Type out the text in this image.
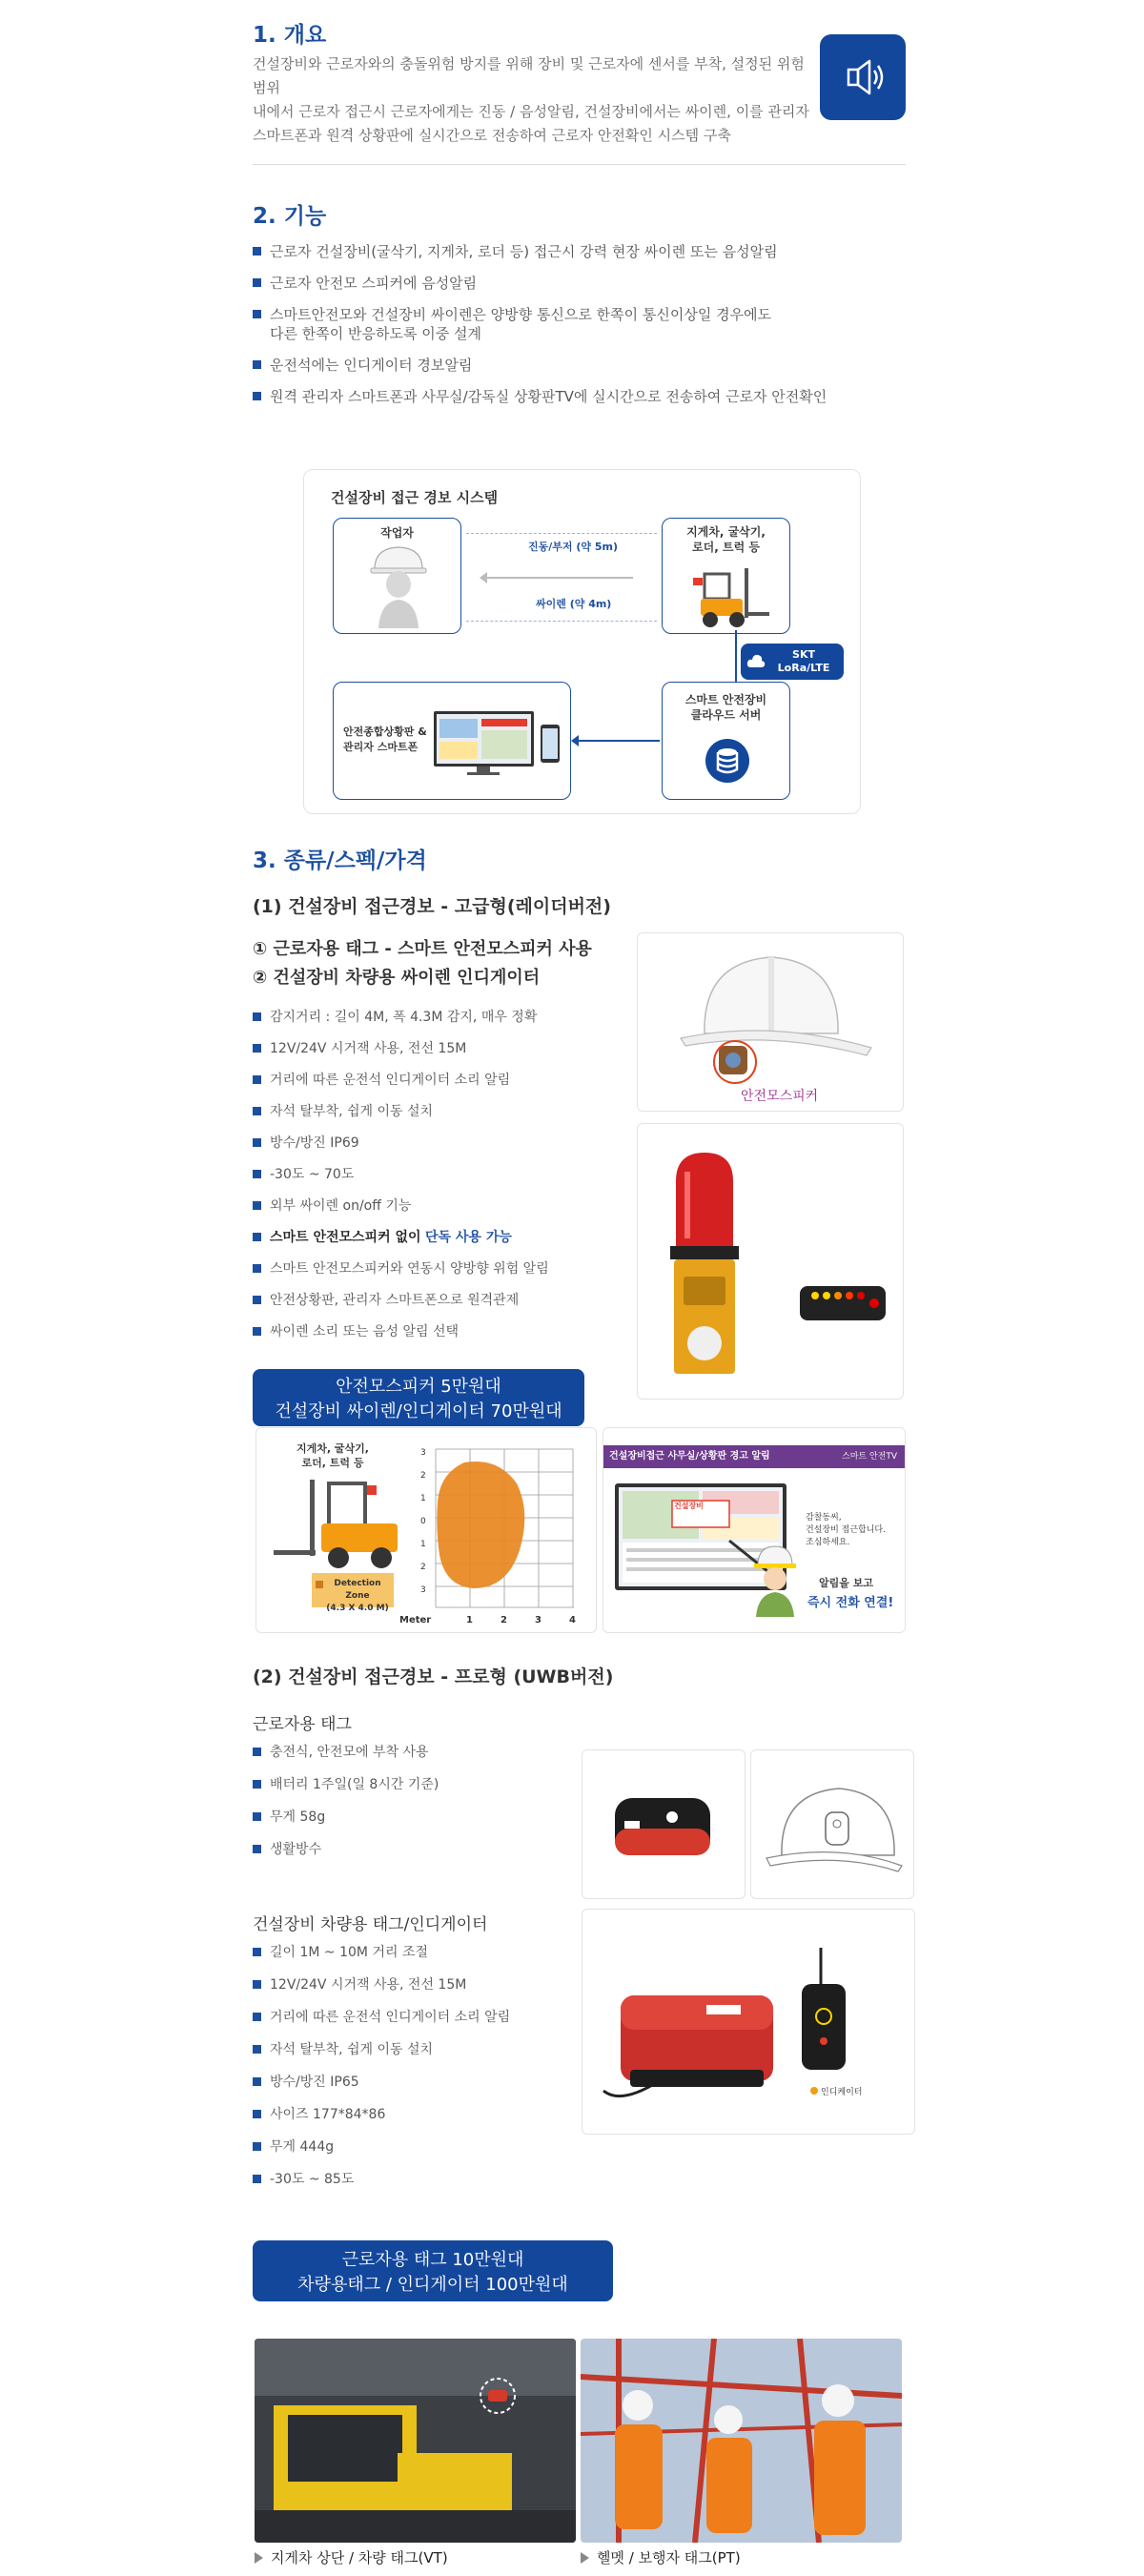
1. 개요
건설장비와 근로자와의 충돌위험 방지를 위해 장비 및 근로자에 센서를 부착, 설정된 위험범위
내에서 근로자 접근시 근로자에게는 진동 / 음성알림, 건설장비에서는 싸이렌, 이를 관리자
스마트폰과 원격 상황판에 실시간으로 전송하여 근로자 안전확인 시스템 구축
2. 기능
근로자 건설장비(굴삭기, 지게차, 로더 등) 접근시 강력 현장 싸이렌 또는 음성알림
근로자 안전모 스피커에 음성알림
스마트안전모와 건설장비 싸이렌은 양방향 통신으로 한쪽이 통신이상일 경우에도
다른 한쪽이 반응하도록 이중 설계
운전석에는 인디게이터 경보알림
원격 관리자 스마트폰과 사무실/감독실 상황판TV에 실시간으로 전송하여 근로자 안전확인
건설장비 접근 경보 시스템
작업자
진동/부저 (약 5m)
싸이렌 (약 4m)
지게차, 굴삭기,
로더, 트럭 등
SKT
LoRa/LTE
스마트 안전장비
클라우드 서버
안전종합상황판 &
관리자 스마트폰
3. 종류/스펙/가격
(1) 건설장비 접근경보 - 고급형(레이더버전)
① 근로자용 태그 - 스마트 안전모스피커 사용
② 건설장비 차량용 싸이렌 인디게이터
감지거리 : 길이 4M, 폭 4.3M 감지, 매우 정확
12V/24V 시거잭 사용, 전선 15M
거리에 따른 운전석 인디게이터 소리 알림
자석 탈부착, 쉽게 이동 설치
방수/방진 IP69
-30도 ~ 70도
외부 싸이렌 on/off 기능
스마트 안전모스피커 없이
단독 사용 가능
스마트 안전모스피커와 연동시 양방향 위험 알림
안전상황판, 관리자 스마트폰으로 원격관제
싸이렌 소리 또는 음성 알림 선택
안전모스피커
안전모스피커 5만원대
건설장비 싸이렌/인디게이터 70만원대
지게차, 굴삭기,
로더, 트럭 등
Detection Zone
(4.3 X 4.0 M)
3
2
1
0
1
2
3
Meter	1	2	3	4
건설장비접근 사무실/상황판 경고 알림	스마트 안전TV
건설장비
감찰동씨,
건설장비 접근합니다.
조심하세요.
알림을 보고
즉시 전화 연결!
(2) 건설장비 접근경보 - 프로형 (UWB버전)
근로자용 태그
충전식, 안전모에 부착 사용
배터리 1주일(일 8시간 기준)
무게 58g
생활방수
건설장비 차량용 태그/인디게이터
길이 1M ~ 10M 거리 조절
12V/24V 시거잭 사용, 전선 15M
거리에 따른 운전석 인디게이터 소리 알림
자석 탈부착, 쉽게 이동 설치
방수/방진 IP65
사이즈 177*84*86
무게 444g
-30도 ~ 85도
인디케이터
근로자용 태그 10만원대
차량용태그 / 인디게이터 100만원대
지게차 상단 / 차량 태그(VT)	헬멧 / 보행자 태그(PT)
